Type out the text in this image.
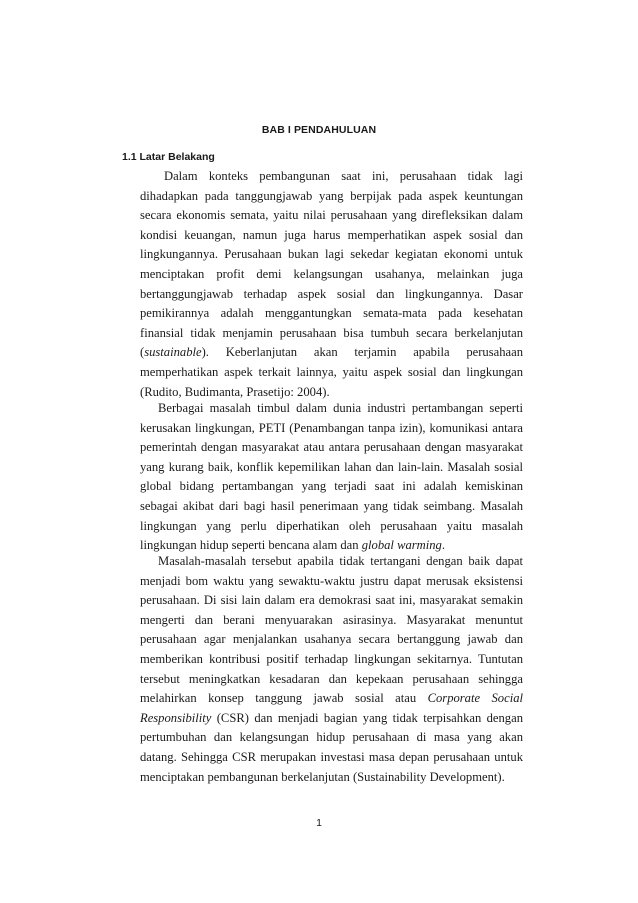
BAB I PENDAHULUAN
1.1 Latar Belakang

Dalam konteks pembangunan saat ini, perusahaan tidak lagi dihadapkan pada tanggungjawab yang berpijak pada aspek keuntungan secara ekonomis semata, yaitu nilai perusahaan yang direfleksikan dalam kondisi keuangan, namun juga harus memperhatikan aspek sosial dan lingkungannya. Perusahaan bukan lagi sekedar kegiatan ekonomi untuk menciptakan profit demi kelangsungan usahanya, melainkan juga bertanggungjawab terhadap aspek sosial dan lingkungannya. Dasar pemikirannya adalah menggantungkan semata-mata pada kesehatan finansial tidak menjamin perusahaan bisa tumbuh secara berkelanjutan (sustainable). Keberlanjutan akan terjamin apabila perusahaan memperhatikan aspek terkait lainnya, yaitu aspek sosial dan lingkungan (Rudito, Budimanta, Prasetijo: 2004).

Berbagai masalah timbul dalam dunia industri pertambangan seperti kerusakan lingkungan, PETI (Penambangan tanpa izin), komunikasi antara pemerintah dengan masyarakat atau antara perusahaan dengan masyarakat yang kurang baik, konflik kepemilikan lahan dan lain-lain. Masalah sosial global bidang pertambangan yang terjadi saat ini adalah kemiskinan sebagai akibat dari bagi hasil penerimaan yang tidak seimbang. Masalah lingkungan yang perlu diperhatikan oleh perusahaan yaitu masalah lingkungan hidup seperti bencana alam dan global warming.

Masalah-masalah tersebut apabila tidak tertangani dengan baik dapat menjadi bom waktu yang sewaktu-waktu justru dapat merusak eksistensi perusahaan. Di sisi lain dalam era demokrasi saat ini, masyarakat semakin mengerti dan berani menyuarakan asirasinya. Masyarakat menuntut perusahaan agar menjalankan usahanya secara bertanggung jawab dan memberikan kontribusi positif terhadap lingkungan sekitarnya. Tuntutan tersebut meningkatkan kesadaran dan kepekaan perusahaan sehingga melahirkan konsep tanggung jawab sosial atau Corporate Social Responsibility (CSR) dan menjadi bagian yang tidak terpisahkan dengan pertumbuhan dan kelangsungan hidup perusahaan di masa yang akan datang. Sehingga CSR merupakan investasi masa depan perusahaan untuk menciptakan pembangunan berkelanjutan (Sustainability Development).

1
